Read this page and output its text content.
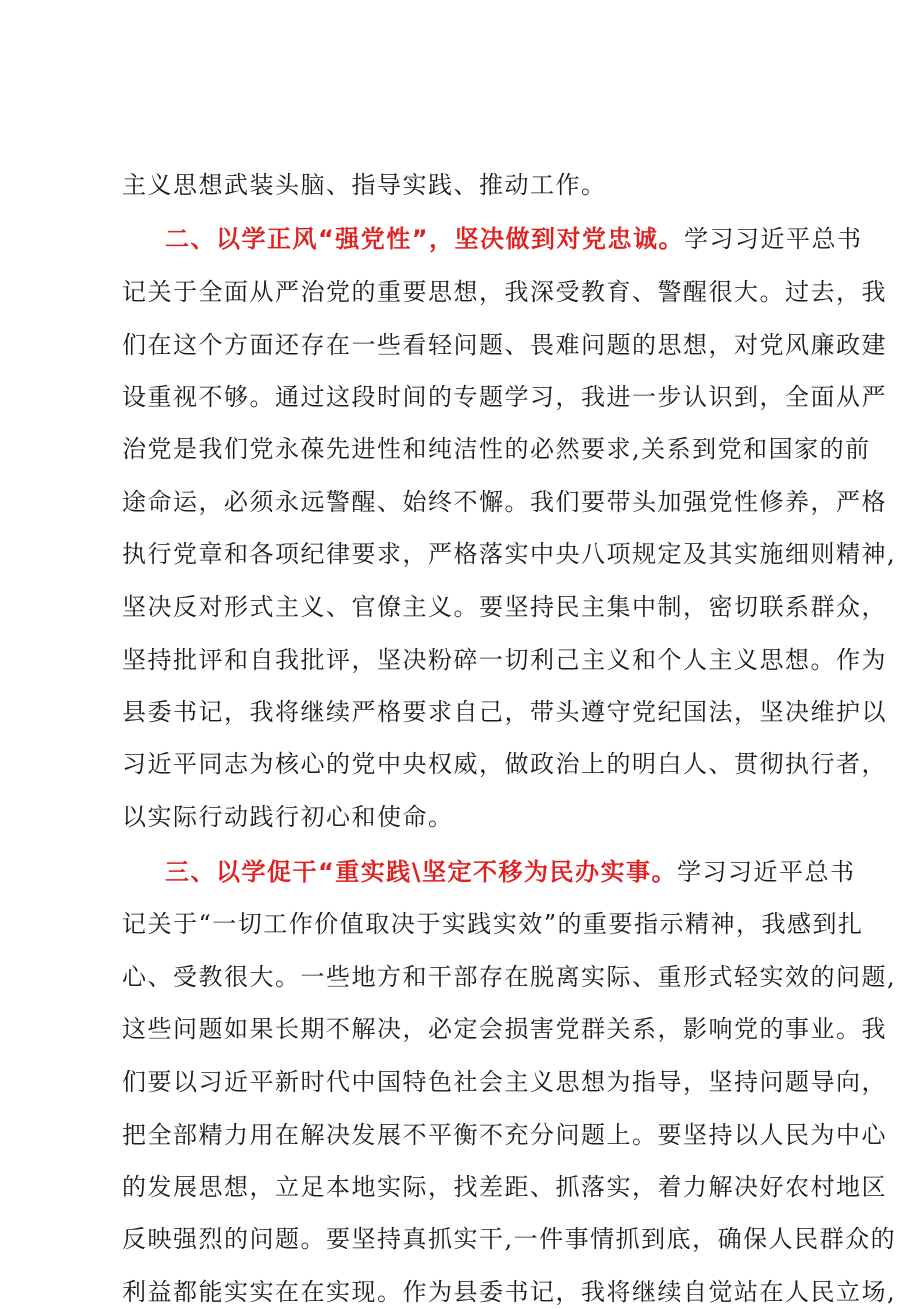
主义思想武装头脑、指导实践、推动工作。
二、以学正风“强党性”，坚决做到对党忠诚。学习习近平总书
记关于全面从严治党的重要思想，我深受教育、警醒很大。过去，我
们在这个方面还存在一些看轻问题、畏难问题的思想，对党风廉政建
设重视不够。通过这段时间的专题学习，我进一步认识到，全面从严
治党是我们党永葆先进性和纯洁性的必然要求,关系到党和国家的前
途命运，必须永远警醒、始终不懈。我们要带头加强党性修养，严格
执行党章和各项纪律要求，严格落实中央八项规定及其实施细则精神,
坚决反对形式主义、官僚主义。要坚持民主集中制，密切联系群众，
坚持批评和自我批评，坚决粉碎一切利己主义和个人主义思想。作为
县委书记，我将继续严格要求自己，带头遵守党纪国法，坚决维护以
习近平同志为核心的党中央权威，做政治上的明白人、贯彻执行者，
以实际行动践行初心和使命。
三、以学促干“重实践\坚定不移为民办实事。学习习近平总书
记关于“一切工作价值取决于实践实效”的重要指示精神，我感到扎
心、受教很大。一些地方和干部存在脱离实际、重形式轻实效的问题,
这些问题如果长期不解决，必定会损害党群关系，影响党的事业。我
们要以习近平新时代中国特色社会主义思想为指导，坚持问题导向，
把全部精力用在解决发展不平衡不充分问题上。要坚持以人民为中心
的发展思想，立足本地实际，找差距、抓落实，着力解决好农村地区
反映强烈的问题。要坚持真抓实干,一件事情抓到底，确保人民群众的
利益都能实实在在实现。作为县委书记，我将继续自觉站在人民立场,
